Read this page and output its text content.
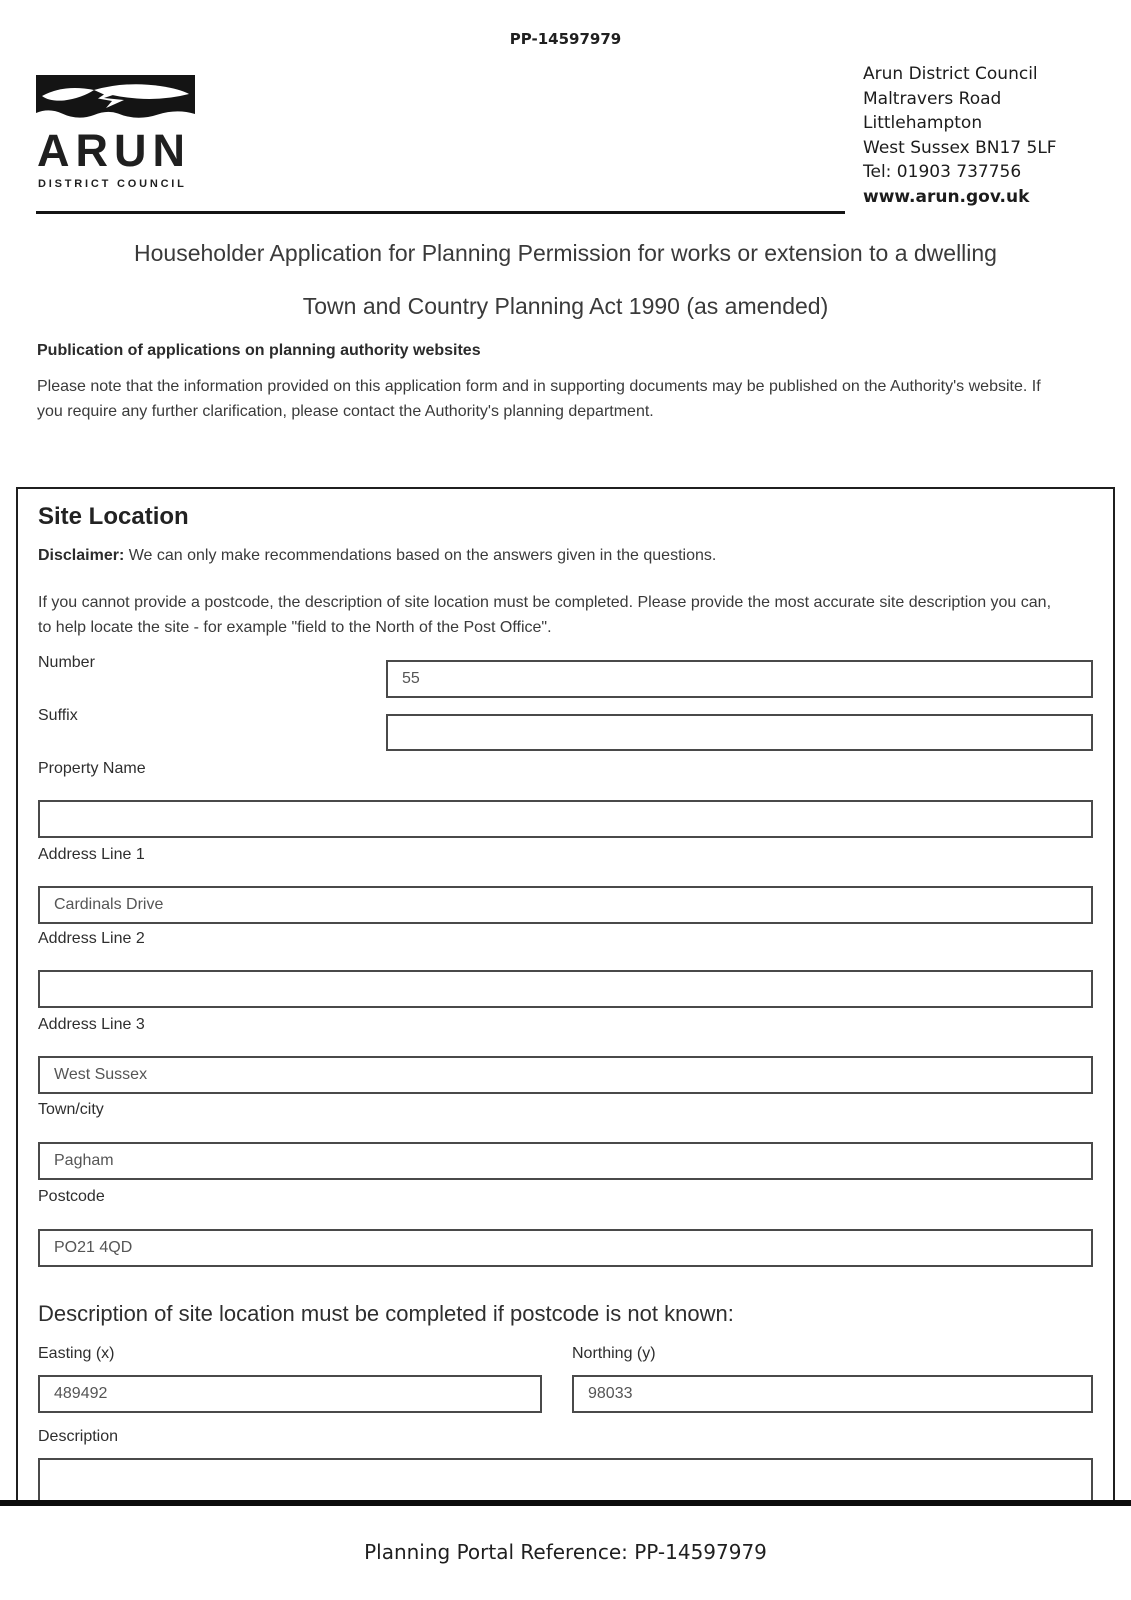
PP-14597979
ARUN
DISTRICT COUNCIL
Arun District Council
Maltravers Road
Littlehampton
West Sussex BN17 5LF
Tel: 01903 737756
www.arun.gov.uk
Householder Application for Planning Permission for works or extension to a dwelling
Town and Country Planning Act 1990 (as amended)
Publication of applications on planning authority websites
Please note that the information provided on this application form and in supporting documents may be published on the Authority's website. If you require any further clarification, please contact the Authority's planning department.
Site Location
Disclaimer: We can only make recommendations based on the answers given in the questions.
If you cannot provide a postcode, the description of site location must be completed. Please provide the most accurate site description you can, to help locate the site - for example "field to the North of the Post Office".
Number
55
Suffix
Property Name
Address Line 1
Cardinals Drive
Address Line 2
Address Line 3
West Sussex
Town/city
Pagham
Postcode
PO21 4QD
Description of site location must be completed if postcode is not known:
Easting (x)	Northing (y)
489492
98033
Description
Planning Portal Reference: PP-14597979
